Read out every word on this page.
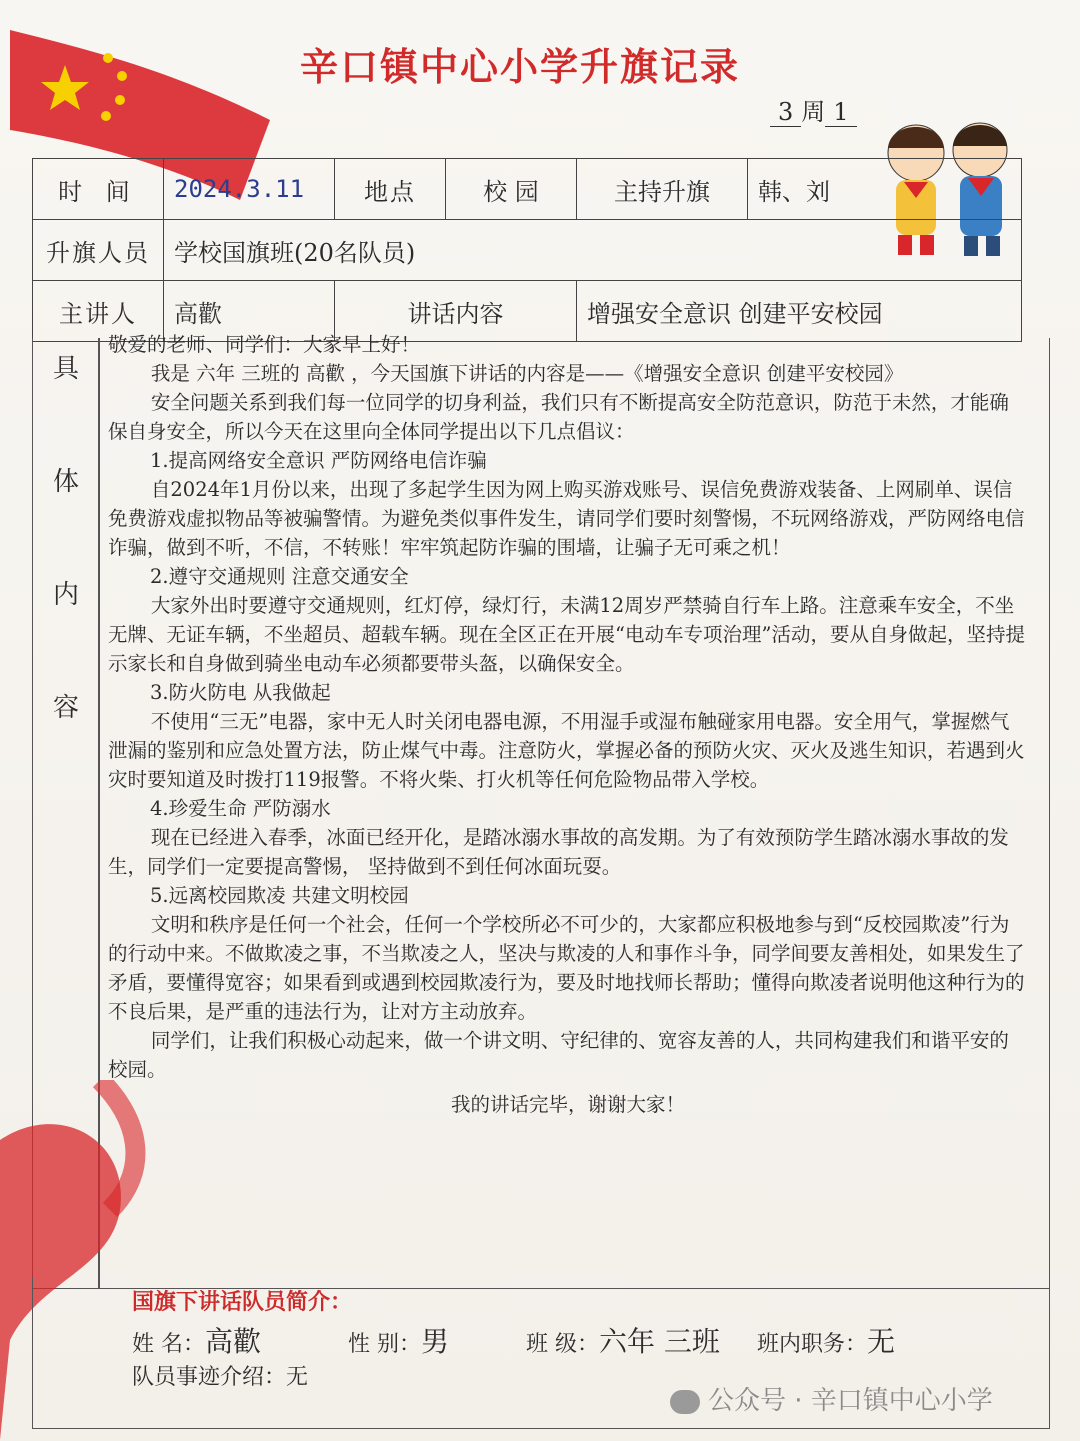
辛口镇中心小学升旗记录
3 周 1
时 间	2024.3.11	地点	校 园	主持升旗	韩、刘
升旗人员	学校国旗班(20名队员)				
主讲人	高歡	讲话内容		增强安全意识 创建平安校园	
具
体
内
容

敬爱的老师、同学们：大家早上好！

我是 六年 三班的 高歡 ，今天国旗下讲话的内容是——《增强安全意识 创建平安校园》

安全问题关系到我们每一位同学的切身利益，我们只有不断提高安全防范意识，防范于未然，才能确保自身安全，所以今天在这里向全体同学提出以下几点倡议：

1.提高网络安全意识 严防网络电信诈骗

自2024年1月份以来，出现了多起学生因为网上购买游戏账号、误信免费游戏装备、上网刷单、误信免费游戏虚拟物品等被骗警情。为避免类似事件发生，请同学们要时刻警惕，不玩网络游戏，严防网络电信诈骗，做到不听，不信，不转账！牢牢筑起防诈骗的围墙，让骗子无可乘之机！

2.遵守交通规则 注意交通安全

大家外出时要遵守交通规则，红灯停，绿灯行，未满12周岁严禁骑自行车上路。注意乘车安全，不坐无牌、无证车辆，不坐超员、超载车辆。现在全区正在开展“电动车专项治理”活动，要从自身做起，坚持提示家长和自身做到骑坐电动车必须都要带头盔，以确保安全。

3.防火防电 从我做起

不使用“三无”电器，家中无人时关闭电器电源，不用湿手或湿布触碰家用电器。安全用气，掌握燃气泄漏的鉴别和应急处置方法，防止煤气中毒。注意防火，掌握必备的预防火灾、灭火及逃生知识，若遇到火灾时要知道及时拨打119报警。不将火柴、打火机等任何危险物品带入学校。

4.珍爱生命 严防溺水

现在已经进入春季，冰面已经开化，是踏冰溺水事故的高发期。为了有效预防学生踏冰溺水事故的发生，同学们一定要提高警惕， 坚持做到不到任何冰面玩耍。

5.远离校园欺凌 共建文明校园

文明和秩序是任何一个社会，任何一个学校所必不可少的，大家都应积极地参与到“反校园欺凌”行为的行动中来。不做欺凌之事，不当欺凌之人，坚决与欺凌的人和事作斗争，同学间要友善相处，如果发生了矛盾，要懂得宽容；如果看到或遇到校园欺凌行为，要及时地找师长帮助；懂得向欺凌者说明他这种行为的不良后果，是严重的违法行为，让对方主动放弃。

同学们，让我们积极心动起来，做一个讲文明、守纪律的、宽容友善的人，共同构建我们和谐平安的校园。

我的讲话完毕，谢谢大家！

国旗下讲话队员简介：
姓 名：高歡	性 别：男	班 级：六年 三班 班内职务：无
队员事迹介绍：无
公众号 · 辛口镇中心小学
